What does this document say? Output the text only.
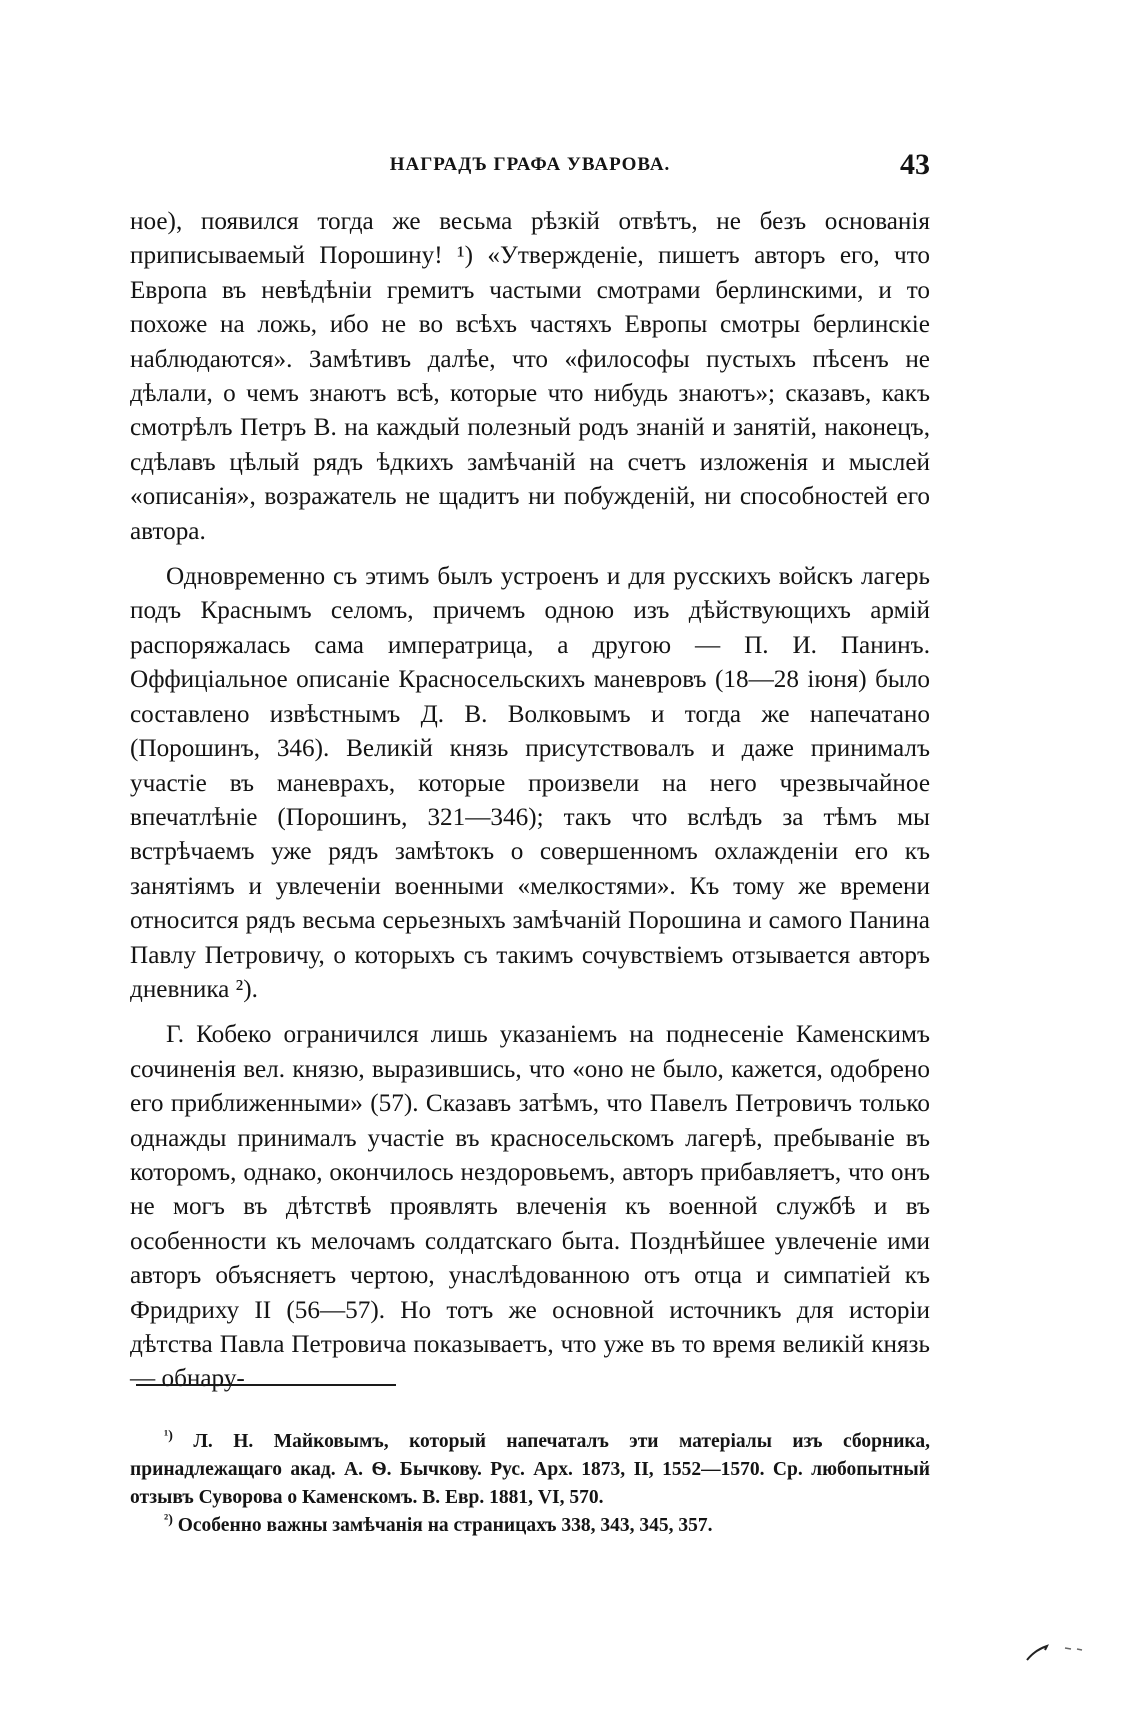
НАГРАДЪ ГРАФА УВАРОВА.	43

ное), появился тогда же весьма рѣзкій отвѣтъ, не безъ основанія приписываемый Порошину! ¹) «Утвержденіе, пишетъ авторъ его, что Европа въ невѣдѣніи гремитъ частыми смотрами берлинскими, и то похоже на ложь, ибо не во всѣхъ частяхъ Европы смотры берлинскіе наблюдаются». Замѣтивъ далѣе, что «философы пустыхъ пѣсенъ не дѣлали, о чемъ знаютъ всѣ, которые что нибудь знаютъ»; сказавъ, какъ смотрѣлъ Петръ В. на каждый полезный родъ знаній и занятій, наконецъ, сдѣлавъ цѣлый рядъ ѣдкихъ замѣчаній на счетъ изложенія и мыслей «описанія», возражатель не щадитъ ни побужденій, ни способностей его автора.

Одновременно съ этимъ былъ устроенъ и для русскихъ войскъ лагерь подъ Краснымъ селомъ, причемъ одною изъ дѣйствующихъ армій распоряжалась сама императрица, а другою — П. И. Панинъ. Оффиціальное описаніе Красносельскихъ маневровъ (18—28 іюня) было составлено извѣстнымъ Д. В. Волковымъ и тогда же напечатано (Порошинъ, 346). Великій князь присутствовалъ и даже принималъ участіе въ маневрахъ, которые произвели на него чрезвычайное впечатлѣніе (Порошинъ, 321—346); такъ что вслѣдъ за тѣмъ мы встрѣчаемъ уже рядъ замѣтокъ о совершенномъ охлажденіи его къ занятіямъ и увлеченіи военными «мелкостями». Къ тому же времени относится рядъ весьма серьезныхъ замѣчаній Порошина и самого Панина Павлу Петровичу, о которыхъ съ такимъ сочувствіемъ отзывается авторъ дневника ²).

Г. Кобеко ограничился лишь указаніемъ на поднесеніе Каменскимъ сочиненія вел. князю, выразившись, что «оно не было, кажется, одобрено его приближенными» (57). Сказавъ затѣмъ, что Павелъ Петровичъ только однажды принималъ участіе въ красносельскомъ лагерѣ, пребываніе въ которомъ, однако, окончилось нездоровьемъ, авторъ прибавляетъ, что онъ не могъ въ дѣтствѣ проявлять влеченія къ военной службѣ и въ особенности къ мелочамъ солдатскаго быта. Позднѣйшее увлеченіе ими авторъ объясняетъ чертою, унаслѣдованною отъ отца и симпатіей къ Фридриху II (56—57). Но тотъ же основной источникъ для исторіи дѣтства Павла Петровича показываетъ, что уже въ то время великій князь — обнару-

$^{^1)}$ Л. Н. Майковымъ, который напечаталъ эти матеріалы изъ сборника, принадлежащаго акад. А. Ѳ. Бычкову. Рус. Арх. 1873, II, 1552—1570. Ср. любопытный отзывъ Суворова о Каменскомъ. В. Евр. 1881, VI, 570.

$^{^2)}$ Особенно важны замѣчанія на страницахъ 338, 343, 345, 357.
